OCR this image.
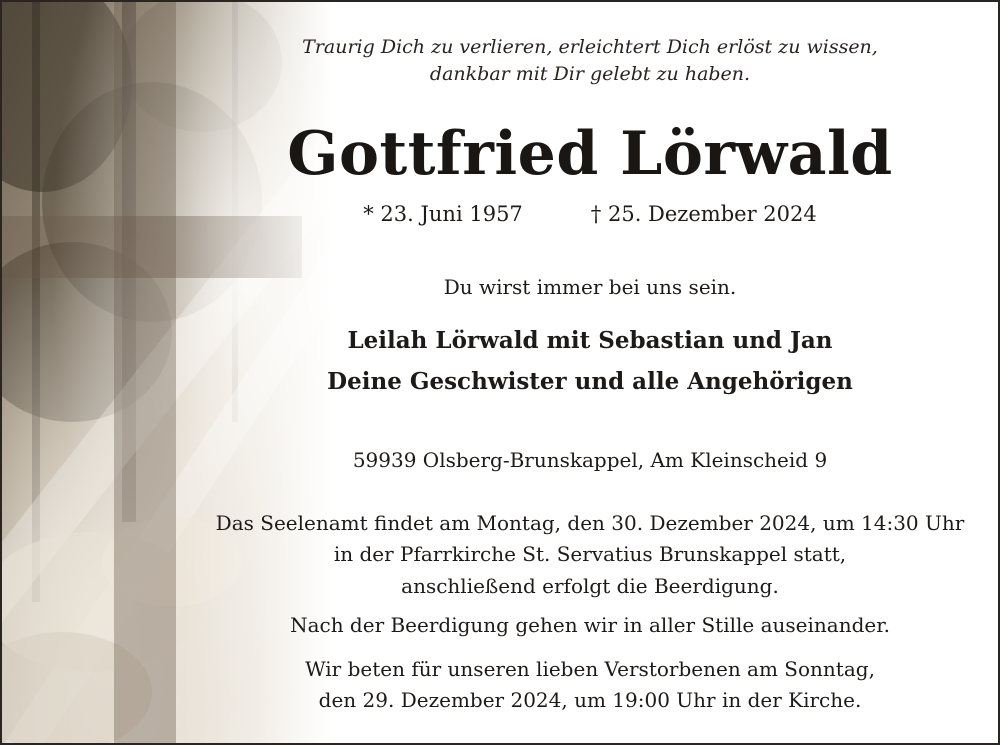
Traurig Dich zu verlieren, erleichtert Dich erlöst zu wissen,
dankbar mit Dir gelebt zu haben.
Gottfried Lörwald
* 23. Juni 1957	† 25. Dezember 2024
Du wirst immer bei uns sein.
Leilah Lörwald mit Sebastian und Jan
Deine Geschwister und alle Angehörigen
59939 Olsberg-Brunskappel, Am Kleinscheid 9
Das Seelenamt findet am Montag, den 30. Dezember 2024, um 14:30 Uhr
in der Pfarrkirche St. Servatius Brunskappel statt,
anschließend erfolgt die Beerdigung.
Nach der Beerdigung gehen wir in aller Stille auseinander.
Wir beten für unseren lieben Verstorbenen am Sonntag,
den 29. Dezember 2024, um 19:00 Uhr in der Kirche.
